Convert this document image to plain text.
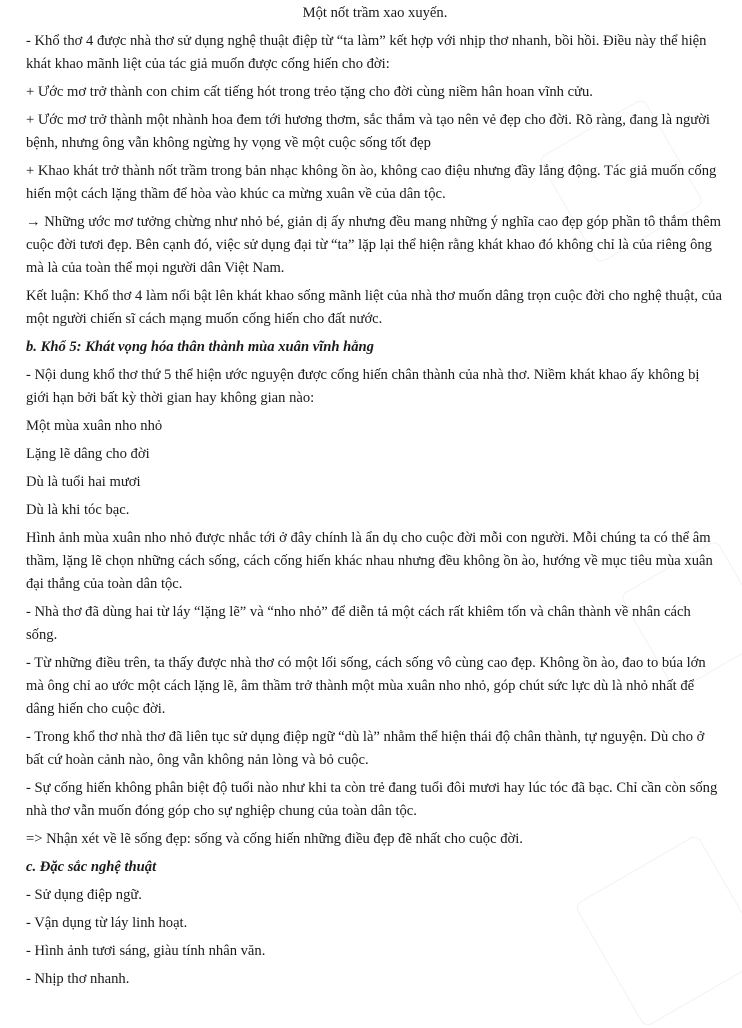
Một nốt trầm xao xuyến.

- Khổ thơ 4 được nhà thơ sử dụng nghệ thuật điệp từ “ta làm” kết hợp với nhịp thơ nhanh, bồi hồi. Điều này thể hiện khát khao mãnh liệt của tác giả muốn được cống hiến cho đời:

+ Ước mơ trở thành con chim cất tiếng hót trong trẻo tặng cho đời cùng niềm hân hoan vĩnh cửu.

+ Ước mơ trở thành một nhành hoa đem tới hương thơm, sắc thắm và tạo nên vẻ đẹp cho đời. Rõ ràng, đang là người bệnh, nhưng ông vẫn không ngừng hy vọng về một cuộc sống tốt đẹp

+ Khao khát trở thành nốt trầm trong bản nhạc không ồn ào, không cao điệu nhưng đầy lắng động. Tác giả muốn cống hiến một cách lặng thầm để hòa vào khúc ca mừng xuân về của dân tộc.

→ Những ước mơ tưởng chừng như nhỏ bé, giản dị ấy nhưng đều mang những ý nghĩa cao đẹp góp phần tô thắm thêm cuộc đời tươi đẹp. Bên cạnh đó, việc sử dụng đại từ “ta” lặp lại thể hiện rằng khát khao đó không chỉ là của riêng ông mà là của toàn thể mọi người dân Việt Nam.

Kết luận: Khổ thơ 4 làm nổi bật lên khát khao sống mãnh liệt của nhà thơ muốn dâng trọn cuộc đời cho nghệ thuật, của một người chiến sĩ cách mạng muốn cống hiến cho đất nước.

b. Khổ 5: Khát vọng hóa thân thành mùa xuân vĩnh hằng

- Nội dung khổ thơ thứ 5 thể hiện ước nguyện được cống hiến chân thành của nhà thơ. Niềm khát khao ấy không bị giới hạn bởi bất kỳ thời gian hay không gian nào:

Một mùa xuân nho nhỏ

Lặng lẽ dâng cho đời

Dù là tuổi hai mươi

Dù là khi tóc bạc.

Hình ảnh mùa xuân nho nhỏ được nhắc tới ở đây chính là ẩn dụ cho cuộc đời mỗi con người. Mỗi chúng ta có thể âm thầm, lặng lẽ chọn những cách sống, cách cống hiến khác nhau nhưng đều không ồn ào, hướng về mục tiêu mùa xuân đại thắng của toàn dân tộc.

- Nhà thơ đã dùng hai từ láy “lặng lẽ” và “nho nhỏ” để diễn tả một cách rất khiêm tốn và chân thành về nhân cách sống.

- Từ những điều trên, ta thấy được nhà thơ có một lối sống, cách sống vô cùng cao đẹp. Không ồn ào, đao to búa lớn mà ông chỉ ao ước một cách lặng lẽ, âm thầm trở thành một mùa xuân nho nhỏ, góp chút sức lực dù là nhỏ nhất để dâng hiến cho cuộc đời.

- Trong khổ thơ nhà thơ đã liên tục sử dụng điệp ngữ “dù là” nhằm thể hiện thái độ chân thành, tự nguyện. Dù cho ở bất cứ hoàn cảnh nào, ông vẫn không nản lòng và bỏ cuộc.

- Sự cống hiến không phân biệt độ tuổi nào như khi ta còn trẻ đang tuổi đôi mươi hay lúc tóc đã bạc. Chỉ cần còn sống nhà thơ vẫn muốn đóng góp cho sự nghiệp chung của toàn dân tộc.

=> Nhận xét về lẽ sống đẹp: sống và cống hiến những điều đẹp đẽ nhất cho cuộc đời.

c. Đặc sắc nghệ thuật

- Sử dụng điệp ngữ.

- Vận dụng từ láy linh hoạt.

- Hình ảnh tươi sáng, giàu tính nhân văn.

- Nhịp thơ nhanh.
